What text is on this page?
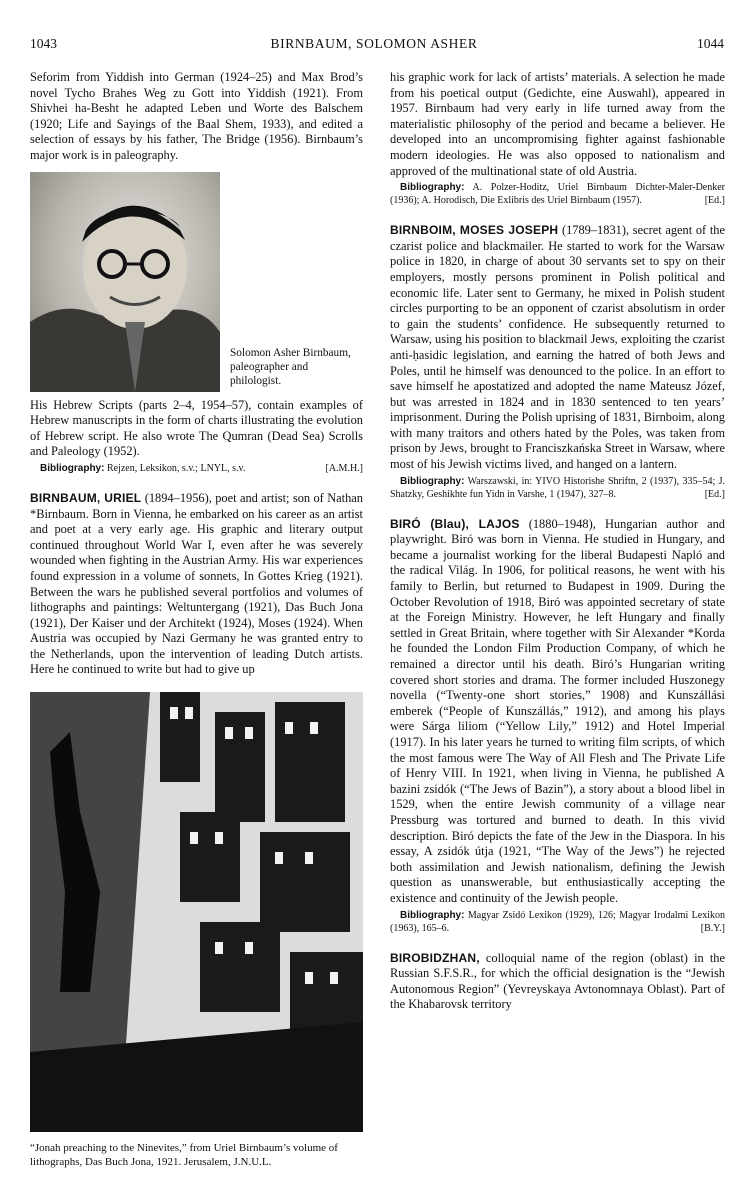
1043	BIRNBAUM, SOLOMON ASHER	1044

Seforim from Yiddish into German (1924–25) and Max Brod’s novel Tycho Brahes Weg zu Gott into Yiddish (1921). From Shivhei ha-Besht he adapted Leben und Worte des Balschem (1920; Life and Sayings of the Baal Shem, 1933), and edited a selection of essays by his father, The Bridge (1956). Birnbaum’s major work is in paleography.

Solomon Asher Birnbaum, paleographer and philologist.

His Hebrew Scripts (parts 2–4, 1954–57), contain examples of Hebrew manuscripts in the form of charts illustrating the evolution of Hebrew script. He also wrote The Qumran (Dead Sea) Scrolls and Paleology (1952).

Bibliography: Rejzen, Leksikon, s.v.; LNYL, s.v.	[A.M.H.]

BIRNBAUM, URIEL (1894–1956), poet and artist; son of Nathan *Birnbaum. Born in Vienna, he embarked on his career as an artist and poet at a very early age. His graphic and literary output continued throughout World War I, even after he was severely wounded when fighting in the Austrian Army. His war experiences found expression in a volume of sonnets, In Gottes Krieg (1921). Between the wars he published several portfolios and volumes of lithographs and paintings: Weltuntergang (1921), Das Buch Jona (1921), Der Kaiser und der Architekt (1924), Moses (1924). When Austria was occupied by Nazi Germany he was granted entry to the Netherlands, upon the intervention of leading Dutch artists. Here he continued to write but had to give up

“Jonah preaching to the Ninevites,” from Uriel Birnbaum’s volume of lithographs, Das Buch Jona, 1921. Jerusalem, J.N.U.L.

his graphic work for lack of artists’ materials. A selection he made from his poetical output (Gedichte, eine Auswahl), appeared in 1957. Birnbaum had very early in life turned away from the materialistic philosophy of the period and became a believer. He developed into an uncompromising fighter against fashionable modern ideologies. He was also opposed to nationalism and approved of the multinational state of old Austria.

Bibliography: A. Polzer-Hoditz, Uriel Birnbaum Dichter-Maler-Denker (1936); A. Horodisch, Die Exlibris des Uriel Birnbaum (1957).	[Ed.]

BIRNBOIM, MOSES JOSEPH (1789–1831), secret agent of the czarist police and blackmailer. He started to work for the Warsaw police in 1820, in charge of about 30 servants set to spy on their employers, mostly persons prominent in Polish political and economic life. Later sent to Germany, he mixed in Polish student circles purporting to be an opponent of czarist absolutism in order to gain the students’ confidence. He subsequently returned to Warsaw, using his position to blackmail Jews, exploiting the czarist anti-ḥasidic legislation, and earning the hatred of both Jews and Poles, until he himself was denounced to the police. In an effort to save himself he apostatized and adopted the name Mateusz Józef, but was arrested in 1824 and in 1830 sentenced to ten years’ imprisonment. During the Polish uprising of 1831, Birnboim, along with many traitors and others hated by the Poles, was taken from prison by Jews, brought to Franciszkańska Street in Warsaw, where most of his Jewish victims lived, and hanged on a lantern.

Bibliography: Warszawski, in: YIVO Historishe Shriftn, 2 (1937), 335–54; J. Shatzky, Geshikhte fun Yidn in Varshe, 1 (1947), 327–8.	[Ed.]

BIRÓ (Blau), LAJOS (1880–1948), Hungarian author and playwright. Biró was born in Vienna. He studied in Hungary, and became a journalist working for the liberal Budapesti Napló and the radical Világ. In 1906, for political reasons, he went with his family to Berlin, but returned to Budapest in 1909. During the October Revolution of 1918, Biró was appointed secretary of state at the Foreign Ministry. However, he left Hungary and finally settled in Great Britain, where together with Sir Alexander *Korda he founded the London Film Production Company, of which he remained a director until his death. Biró’s Hungarian writing covered short stories and drama. The former included Huszonegy novella (“Twenty-one short stories,” 1908) and Kunszállási emberek (“People of Kunszállás,” 1912), and among his plays were Sárga liliom (“Yellow Lily,” 1912) and Hotel Imperial (1917). In his later years he turned to writing film scripts, of which the most famous were The Way of All Flesh and The Private Life of Henry VIII. In 1921, when living in Vienna, he published A bazini zsidók (“The Jews of Bazin”), a story about a blood libel in 1529, when the entire Jewish community of a village near Pressburg was tortured and burned to death. In this vivid description. Biró depicts the fate of the Jew in the Diaspora. In his essay, A zsidók útja (1921, “The Way of the Jews”) he rejected both assimilation and Jewish nationalism, defining the Jewish question as unanswerable, but enthusiastically accepting the existence and continuity of the Jewish people.

Bibliography: Magyar Zsidó Lexikon (1929), 126; Magyar Irodalmi Lexikon (1963), 165–6.	[B.Y.]

BIROBIDZHAN, colloquial name of the region (oblast) in the Russian S.F.S.R., for which the official designation is the “Jewish Autonomous Region” (Yevreyskaya Avtonomnaya Oblast). Part of the Khabarovsk territory
